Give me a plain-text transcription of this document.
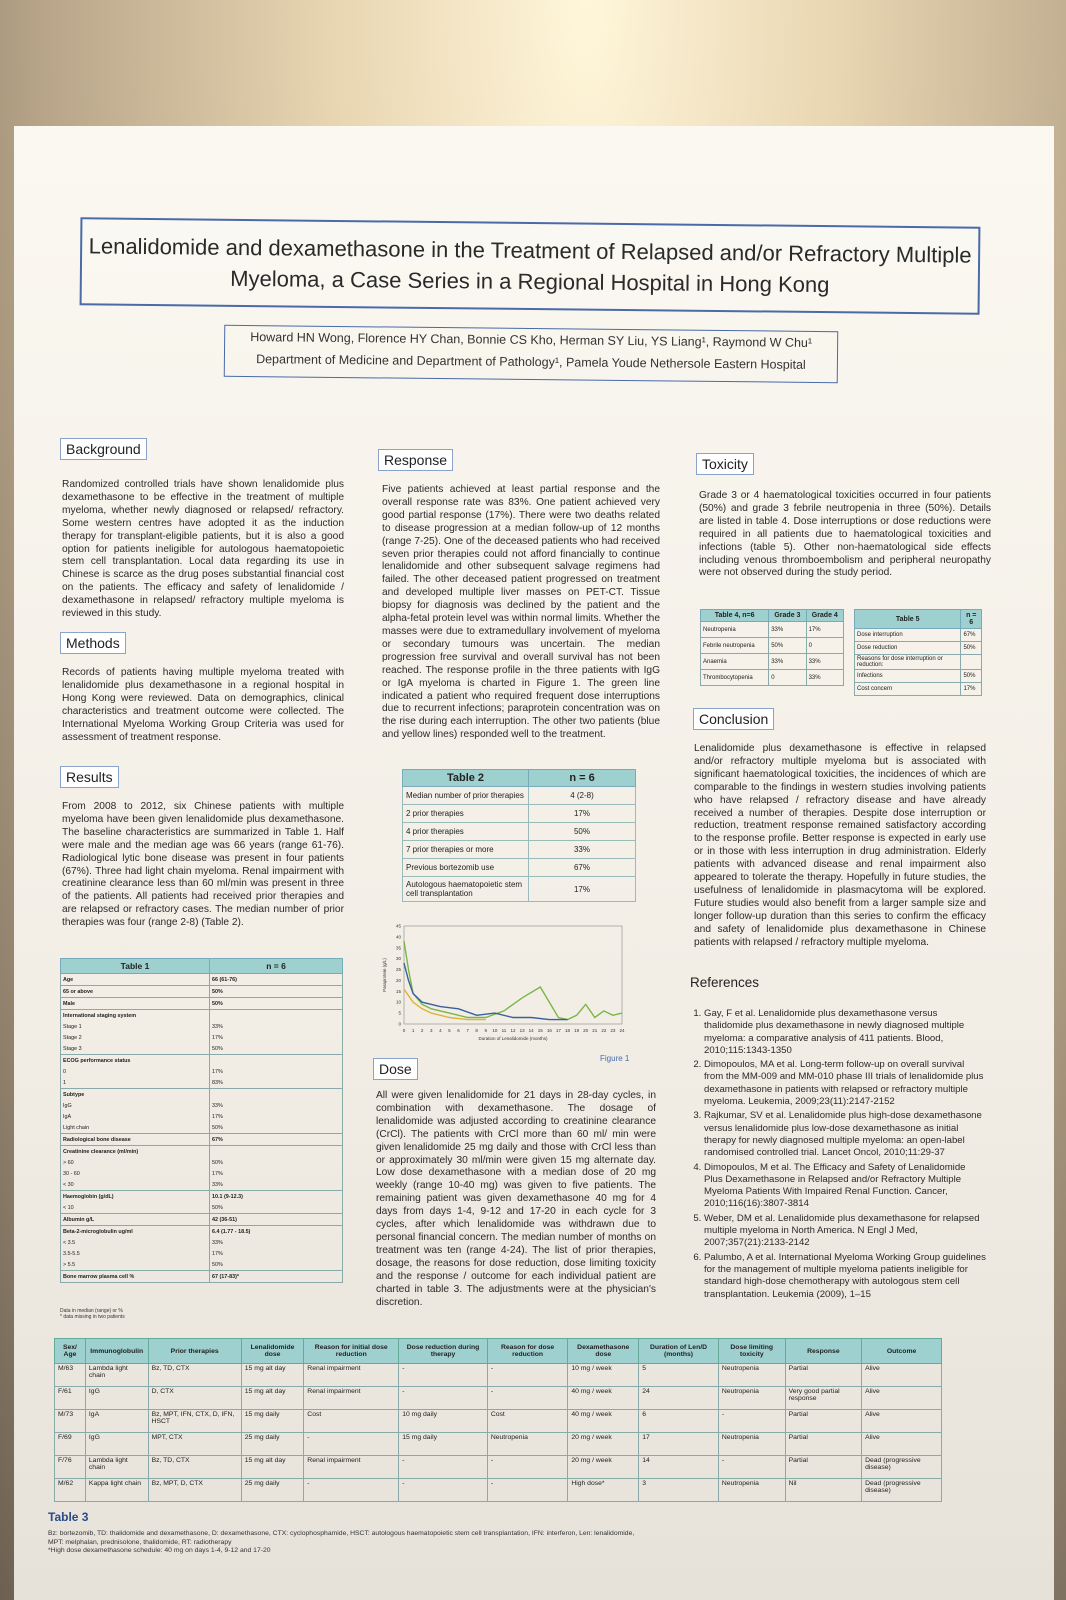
Lenalidomide and dexamethasone in the Treatment of Relapsed and/or Refractory Multiple Myeloma, a Case Series in a Regional Hospital in Hong Kong
Howard HN Wong, Florence HY Chan, Bonnie CS Kho, Herman SY Liu, YS Liang¹, Raymond W Chu¹
Department of Medicine and Department of Pathology¹, Pamela Youde Nethersole Eastern Hospital
Background
Randomized controlled trials have shown lenalidomide plus dexamethasone to be effective in the treatment of multiple myeloma, whether newly diagnosed or relapsed/ refractory. Some western centres have adopted it as the induction therapy for transplant-eligible patients, but it is also a good option for patients ineligible for autologous haematopoietic stem cell transplantation. Local data regarding its use in Chinese is scarce as the drug poses substantial financial cost on the patients. The efficacy and safety of lenalidomide / dexamethasone in relapsed/ refractory multiple myeloma is reviewed in this study.
Methods
Records of patients having multiple myeloma treated with lenalidomide plus dexamethasone in a regional hospital in Hong Kong were reviewed. Data on demographics, clinical characteristics and treatment outcome were collected. The International Myeloma Working Group Criteria was used for assessment of treatment response.
Results
From 2008 to 2012, six Chinese patients with multiple myeloma have been given lenalidomide plus dexamethasone. The baseline characteristics are summarized in Table 1. Half were male and the median age was 66 years (range 61-76). Radiological lytic bone disease was present in four patients (67%). Three had light chain myeloma. Renal impairment with creatinine clearance less than 60 ml/min was present in three of the patients. All patients had received prior therapies and are relapsed or refractory cases. The median number of prior therapies was four (range 2-8) (Table 2).
Table 1	n = 6
Age	66 (61-76)
65 or above	50%
Male	50%
International staging system	
Stage 1	33%
Stage 2	17%
Stage 3	50%
ECOG performance status	
0	17%
1	83%
Subtype	
IgG	33%
IgA	17%
Light chain	50%
Radiological bone disease	67%
Creatinine clearance (ml/min)	
> 60	50%
30 - 60	17%
< 30	33%
Haemoglobin (g/dL)	10.1 (9-12.3)
< 10	50%
Albumin g/L	42 (36-51)
Beta-2-microglobulin ug/ml	6.4 (1.77 - 18.5)
< 3.5	33%
3.5-5.5	17%
> 5.5	50%
Bone marrow plasma cell %	67 (17-83)*
Data in median (range) or %
* data missing in two patients
Response
Five patients achieved at least partial response and the overall response rate was 83%. One patient achieved very good partial response (17%). There were two deaths related to disease progression at a median follow-up of 12 months (range 7-25). One of the deceased patients who had received seven prior therapies could not afford financially to continue lenalidomide and other subsequent salvage regimens had failed. The other deceased patient progressed on treatment and developed multiple liver masses on PET-CT. Tissue biopsy for diagnosis was declined by the patient and the alpha-fetal protein level was within normal limits. Whether the masses were due to extramedullary involvement of myeloma or secondary tumours was uncertain. The median progression free survival and overall survival has not been reached. The response profile in the three patients with IgG or IgA myeloma is charted in Figure 1. The green line indicated a patient who required frequent dose interruptions due to recurrent infections; paraprotein concentration was on the rise during each interruption. The other two patients (blue and yellow lines) responded well to the treatment.
Table 2	n = 6
Median number of prior therapies	4 (2-8)
2 prior therapies	17%
4 prior therapies	50%
7 prior therapies or more	33%
Previous bortezomib use	67%
Autologous haematopoietic stem cell transplantation	17%
0 1 2 3 4 5 6 7 8 9 10 11 12 13 14 15 16 17 18 19 20 21 22 23 24
0
5
10
15
20
25
30
35
40
45
Duration of Lenalidomide (months)
Paraprotein (g/L)
Figure 1
Dose
All were given lenalidomide for 21 days in 28-day cycles, in combination with dexamethasone. The dosage of lenalidomide was adjusted according to creatinine clearance (CrCl). The patients with CrCl more than 60 ml/ min were given lenalidomide 25 mg daily and those with CrCl less than or approximately 30 ml/min were given 15 mg alternate day. Low dose dexamethasone with a median dose of 20 mg weekly (range 10-40 mg) was given to five patients. The remaining patient was given dexamethasone 40 mg for 4 days from days 1-4, 9-12 and 17-20 in each cycle for 3 cycles, after which lenalidomide was withdrawn due to personal financial concern. The median number of months on treatment was ten (range 4-24). The list of prior therapies, dosage, the reasons for dose reduction, dose limiting toxicity and the response / outcome for each individual patient are charted in table 3. The adjustments were at the physician's discretion.
Toxicity
Grade 3 or 4 haematological toxicities occurred in four patients (50%) and grade 3 febrile neutropenia in three (50%). Details are listed in table 4. Dose interruptions or dose reductions were required in all patients due to haematological toxicities and infections (table 5). Other non-haematological side effects including venous thromboembolism and peripheral neuropathy were not observed during the study period.
Table 4, n=6	Grade 3	Grade 4
Neutropenia	33%	17%
Febrile neutropenia	50%	0
Anaemia	33%	33%
Thrombocytopenia	0	33%
Table 5	n = 6
Dose interruption	67%
Dose reduction	50%
Reasons for dose interruption or reduction:	
Infections	50%
Cost concern	17%
Conclusion
Lenalidomide plus dexamethasone is effective in relapsed and/or refractory multiple myeloma but is associated with significant haematological toxicities, the incidences of which are comparable to the findings in western studies involving patients who have relapsed / refractory disease and have already received a number of therapies. Despite dose interruption or reduction, treatment response remained satisfactory according to the response profile. Better response is expected in early use or in those with less interruption in drug administration. Elderly patients with advanced disease and renal impairment also appeared to tolerate the therapy. Hopefully in future studies, the usefulness of lenalidomide in plasmacytoma will be explored. Future studies would also benefit from a larger sample size and longer follow-up duration than this series to confirm the efficacy and safety of lenalidomide plus dexamethasone in Chinese patients with relapsed / refractory multiple myeloma.
References
1. Gay, F et al. Lenalidomide plus dexamethasone versus thalidomide plus dexamethasone in newly diagnosed multiple myeloma: a comparative analysis of 411 patients. Blood, 2010;115:1343-1350
2. Dimopoulos, MA et al. Long-term follow-up on overall survival from the MM-009 and MM-010 phase III trials of lenalidomide plus dexamethasone in patients with relapsed or refractory multiple myeloma. Leukemia, 2009;23(11):2147-2152
3. Rajkumar, SV et al. Lenalidomide plus high-dose dexamethasone versus lenalidomide plus low-dose dexamethasone as initial therapy for newly diagnosed multiple myeloma: an open-label randomised controlled trial. Lancet Oncol, 2010;11:29-37
4. Dimopoulos, M et al. The Efficacy and Safety of Lenalidomide Plus Dexamethasone in Relapsed and/or Refractory Multiple Myeloma Patients With Impaired Renal Function. Cancer, 2010;116(16):3807-3814
5. Weber, DM et al. Lenalidomide plus dexamethasone for relapsed multiple myeloma in North America. N Engl J Med, 2007;357(21):2133-2142
6. Palumbo, A et al. International Myeloma Working Group guidelines for the management of multiple myeloma patients ineligible for standard high-dose chemotherapy with autologous stem cell transplantation. Leukemia (2009), 1–15
Sex/ Age	Immunoglobulin	Prior therapies	Lenalidomide dose	Reason for initial dose reduction	Dose reduction during therapy	Reason for dose reduction	Dexamethasone dose	Duration of Len/D (months)	Dose limiting toxicity	Response	Outcome
M/63	Lambda light chain	Bz, TD, CTX	15 mg alt day	Renal impairment	-	-	10 mg / week	5	Neutropenia	Partial	Alive
F/61	IgG	D, CTX	15 mg alt day	Renal impairment	-	-	40 mg / week	24	Neutropenia	Very good partial response	Alive
M/73	IgA	Bz, MPT, IFN, CTX, D, IFN, HSCT	15 mg daily	Cost	10 mg daily	Cost	40 mg / week	6	-	Partial	Alive
F/69	IgG	MPT, CTX	25 mg daily	-	15 mg daily	Neutropenia	20 mg / week	17	Neutropenia	Partial	Alive
F/76	Lambda light chain	Bz, TD, CTX	15 mg alt day	Renal impairment	-	-	20 mg / week	14	-	Partial	Dead (progressive disease)
M/62	Kappa light chain	Bz, MPT, D, CTX	25 mg daily	-	-	-	High dose*	3	Neutropenia	Nil	Dead (progressive disease)
Table 3
Bz: bortezomib, TD: thalidomide and dexamethasone, D: dexamethasone, CTX: cyclophosphamide, HSCT: autologous haematopoietic stem cell transplantation, IFN: interferon, Len: lenalidomide, MPT: melphalan, prednisolone, thalidomide, RT: radiotherapy
*High dose dexamethasone schedule: 40 mg on days 1-4, 9-12 and 17-20
